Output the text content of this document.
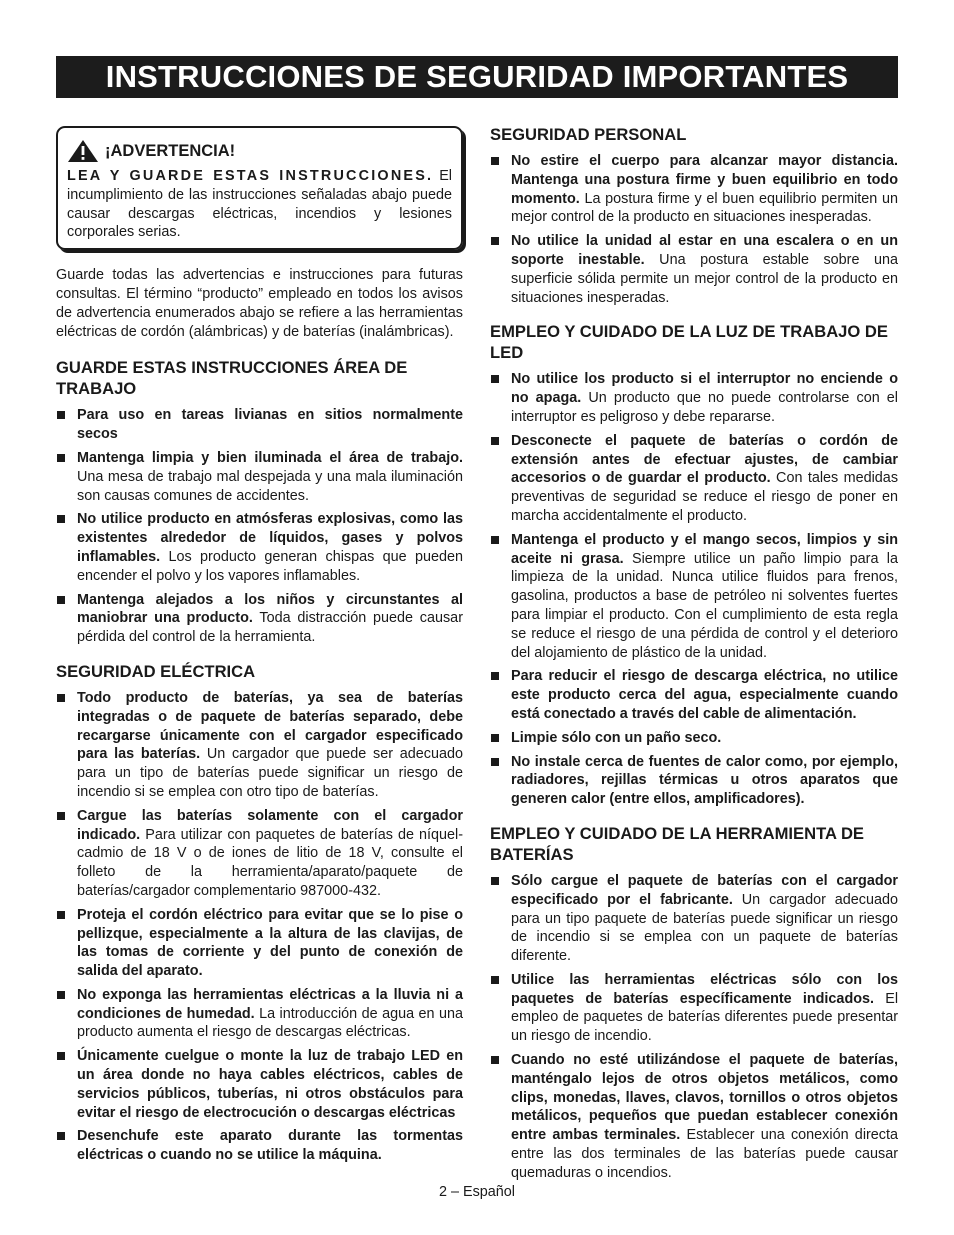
INSTRUCCIONES DE SEGURIDAD IMPORTANTES
¡ADVERTENCIA!
LEA Y GUARDE ESTAS INSTRUCCIONES. El incumplimiento de las instrucciones señaladas abajo puede causar descargas eléctricas, incendios y lesiones corporales serias.

Guarde todas las advertencias e instrucciones para futuras consultas. El término “producto” empleado en todos los avisos de advertencia enumerados abajo se refiere a las herramientas eléctricas de cordón (alámbricas) y de baterías (inalámbricas).

GUARDE ESTAS INSTRUCCIONES ÁREA DE TRABAJO
Para uso en tareas livianas en sitios normalmente secos
Mantenga limpia y bien iluminada el área de trabajo. Una mesa de trabajo mal despejada y una mala iluminación son causas comunes de accidentes.
No utilice producto en atmósferas explosivas, como las existentes alrededor de líquidos, gases y polvos inflamables. Los producto generan chispas que pueden encender el polvo y los vapores inflamables.
Mantenga alejados a los niños y circunstantes al maniobrar una producto. Toda distracción puede causar pérdida del control de la herramienta.
SEGURIDAD ELÉCTRICA
Todo producto de baterías, ya sea de baterías integradas o de paquete de baterías separado, debe recargarse únicamente con el cargador especificado para las baterías. Un cargador que puede ser adecuado para un tipo de baterías puede significar un riesgo de incendio si se emplea con otro tipo de baterías.
Cargue las baterías solamente con el cargador indicado. Para utilizar con paquetes de baterías de níquel-cadmio de 18 V o de iones de litio de 18 V, consulte el folleto de la herramienta/aparato/paquete de baterías/cargador complementario 987000-432.
Proteja el cordón eléctrico para evitar que se lo pise o pellizque, especialmente a la altura de las clavijas, de las tomas de corriente y del punto de conexión de salida del aparato.
No exponga las herramientas eléctricas a la lluvia ni a condiciones de humedad. La introducción de agua en una producto aumenta el riesgo de descargas eléctricas.
Únicamente cuelgue o monte la luz de trabajo LED en un área donde no haya cables eléctricos, cables de servicios públicos, tuberías, ni otros obstáculos para evitar el riesgo de electrocución o descargas eléctricas
Desenchufe este aparato durante las tormentas eléctricas o cuando no se utilice la máquina.
SEGURIDAD PERSONAL
No estire el cuerpo para alcanzar mayor distancia. Mantenga una postura firme y buen equilibrio en todo momento. La postura firme y el buen equilibrio permiten un mejor control de la producto en situaciones inesperadas.
No utilice la unidad al estar en una escalera o en un soporte inestable. Una postura estable sobre una superficie sólida permite un mejor control de la producto en situaciones inesperadas.
EMPLEO Y CUIDADO DE LA LUZ DE TRABAJO DE LED
No utilice los producto si el interruptor no enciende o no apaga. Un producto que no puede controlarse con el interruptor es peligroso y debe repararse.
Desconecte el paquete de baterías o cordón de extensión antes de efectuar ajustes, de cambiar accesorios o de guardar el producto. Con tales medidas preventivas de seguridad se reduce el riesgo de poner en marcha accidentalmente el producto.
Mantenga el producto y el mango secos, limpios y sin aceite ni grasa. Siempre utilice un paño limpio para la limpieza de la unidad. Nunca utilice fluidos para frenos, gasolina, productos a base de petróleo ni solventes fuertes para limpiar el producto. Con el cumplimiento de esta regla se reduce el riesgo de una pérdida de control y el deterioro del alojamiento de plástico de la unidad.
Para reducir el riesgo de descarga eléctrica, no utilice este producto cerca del agua, especialmente cuando está conectado a través del cable de alimentación.
Limpie sólo con un paño seco.
No instale cerca de fuentes de calor como, por ejemplo, radiadores, rejillas térmicas u otros aparatos que generen calor (entre ellos, amplificadores).
EMPLEO Y CUIDADO DE LA HERRAMIENTA DE BATERÍAS
Sólo cargue el paquete de baterías con el cargador especificado por el fabricante. Un cargador adecuado para un tipo paquete de baterías puede significar un riesgo de incendio si se emplea con un paquete de baterías diferente.
Utilice las herramientas eléctricas sólo con los paquetes de baterías específicamente indicados. El empleo de paquetes de baterías diferentes puede presentar un riesgo de incendio.
Cuando no esté utilizándose el paquete de baterías, manténgalo lejos de otros objetos metálicos, como clips, monedas, llaves, clavos, tornillos o otros objetos metálicos, pequeños que puedan establecer conexión entre ambas terminales. Establecer una conexión directa entre las dos terminales de las baterías puede causar quemaduras o incendios.
2 – Español
